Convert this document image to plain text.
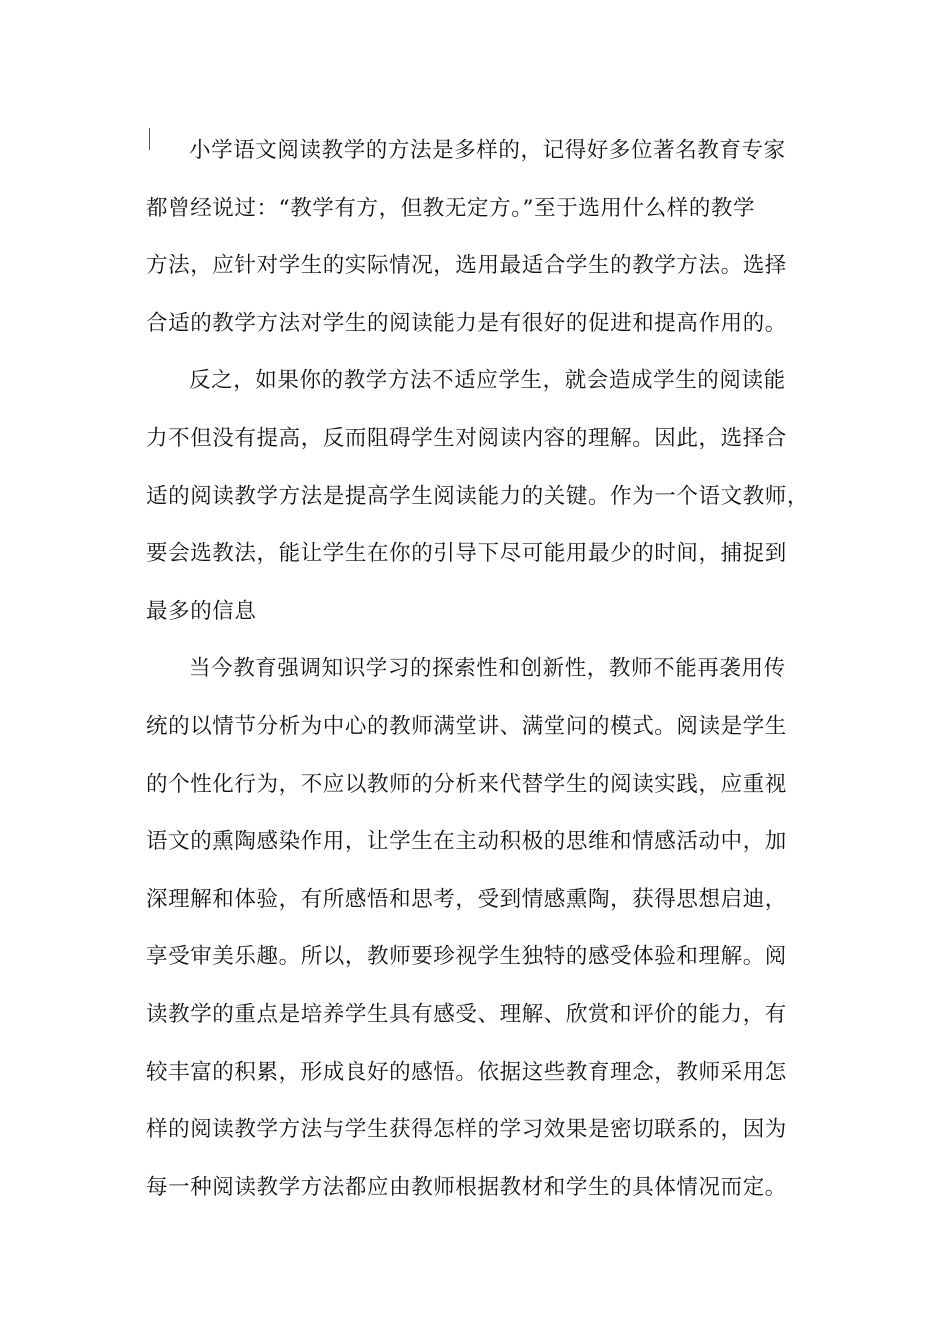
小学语文阅读教学的方法是多样的，记得好多位著名教育专家
都曾经说过：“教学有方，但教无定方。”至于选用什么样的教学
方法，应针对学生的实际情况，选用最适合学生的教学方法。选择
合适的教学方法对学生的阅读能力是有很好的促进和提高作用的。
反之，如果你的教学方法不适应学生，就会造成学生的阅读能
力不但没有提高，反而阻碍学生对阅读内容的理解。因此，选择合
适的阅读教学方法是提高学生阅读能力的关键。作为一个语文教师，
要会选教法，能让学生在你的引导下尽可能用最少的时间，捕捉到
最多的信息
当今教育强调知识学习的探索性和创新性，教师不能再袭用传
统的以情节分析为中心的教师满堂讲、满堂问的模式。阅读是学生
的个性化行为，不应以教师的分析来代替学生的阅读实践，应重视
语文的熏陶感染作用，让学生在主动积极的思维和情感活动中，加
深理解和体验，有所感悟和思考，受到情感熏陶，获得思想启迪，
享受审美乐趣。所以，教师要珍视学生独特的感受体验和理解。阅
读教学的重点是培养学生具有感受、理解、欣赏和评价的能力，有
较丰富的积累，形成良好的感悟。依据这些教育理念，教师采用怎
样的阅读教学方法与学生获得怎样的学习效果是密切联系的，因为
每一种阅读教学方法都应由教师根据教材和学生的具体情况而定。
